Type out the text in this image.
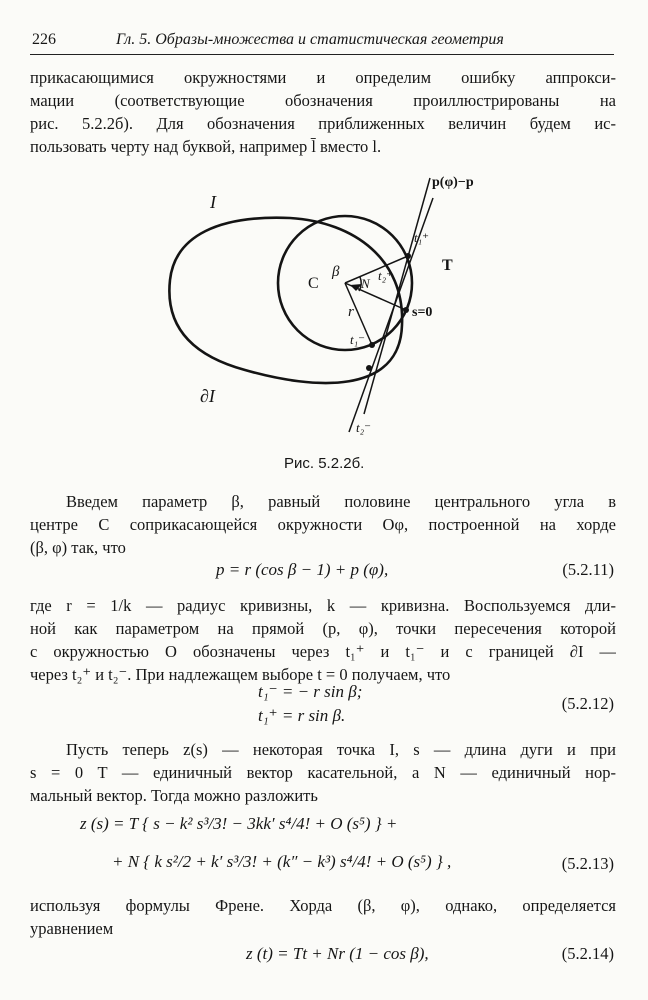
226	Гл. 5. Образы-множества и статистическая геометрия
прикасающимися окружностями и определим ошибку аппрокси-
мации (соответствующие обозначения проиллюстрированы на
рис. 5.2.2б). Для обозначения приближенных величин будем ис-
пользовать черту над буквой, например l̄ вместо l.
I
∂I
C
β
N
r
T
s=0
p(φ)−p
t₁⁺
t₂⁺
t₁⁻
t₂⁻
Рис. 5.2.2б.
Введем параметр β, равный половине центрального угла в
центре C соприкасающейся окружности Oφ, построенной на хорде
(β, φ) так, что
p = r (cos β − 1) + p (φ),	(5.2.11)
где r = 1/k — радиус кривизны, k — кривизна. Воспользуемся дли-
ной как параметром на прямой (p, φ), точки пересечения которой
с окружностью O обозначены через t₁⁺ и t₁⁻ и с границей ∂I —
через t₂⁺ и t₂⁻. При надлежащем выборе t = 0 получаем, что
t₁⁻ = − r sin β;
t₁⁺ = r sin β.
(5.2.12)
Пусть теперь z(s) — некоторая точка I, s — длина дуги и при
s = 0 T — единичный вектор касательной, а N — единичный нор-
мальный вектор. Тогда можно разложить
z (s) = T { s − k² s³/3! − 3kk′ s⁴/4! + O (s⁵) } +
+ N { k s²/2 + k′ s³/3! + (k″ − k³) s⁴/4! + O (s⁵) } ,	(5.2.13)
используя формулы Френе. Хорда (β, φ), однако, определяется
уравнением
z (t) = Tt + Nr (1 − cos β),	(5.2.14)
